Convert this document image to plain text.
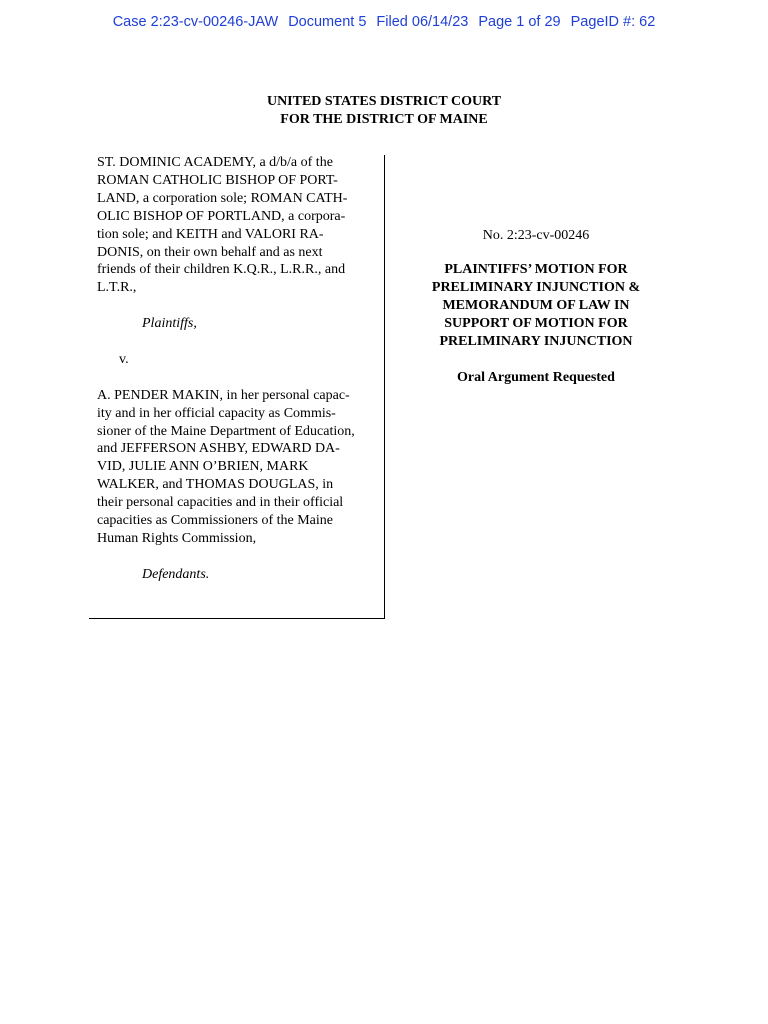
Case 2:23-cv-00246-JAW Document 5 Filed 06/14/23 Page 1 of 29 PageID #: 62
UNITED STATES DISTRICT COURT
FOR THE DISTRICT OF MAINE

ST. DOMINIC ACADEMY, a d/b/a of the

ROMAN CATHOLIC BISHOP OF PORT-

LAND, a corporation sole; ROMAN CATH-

OLIC BISHOP OF PORTLAND, a corpora-

tion sole; and KEITH and VALORI RA-

DONIS, on their own behalf and as next

friends of their children K.Q.R., L.R.R., and

L.T.R.,

Plaintiffs,

v.

A. PENDER MAKIN, in her personal capac-

ity and in her official capacity as Commis-

sioner of the Maine Department of Education,

and JEFFERSON ASHBY, EDWARD DA-

VID, JULIE ANN O’BRIEN, MARK

WALKER, and THOMAS DOUGLAS, in

their personal capacities and in their official

capacities as Commissioners of the Maine

Human Rights Commission,

Defendants.

No. 2:23-cv-00246
PLAINTIFFS’ MOTION FOR
PRELIMINARY INJUNCTION &
MEMORANDUM OF LAW IN
SUPPORT OF MOTION FOR
PRELIMINARY INJUNCTION
Oral Argument Requested
